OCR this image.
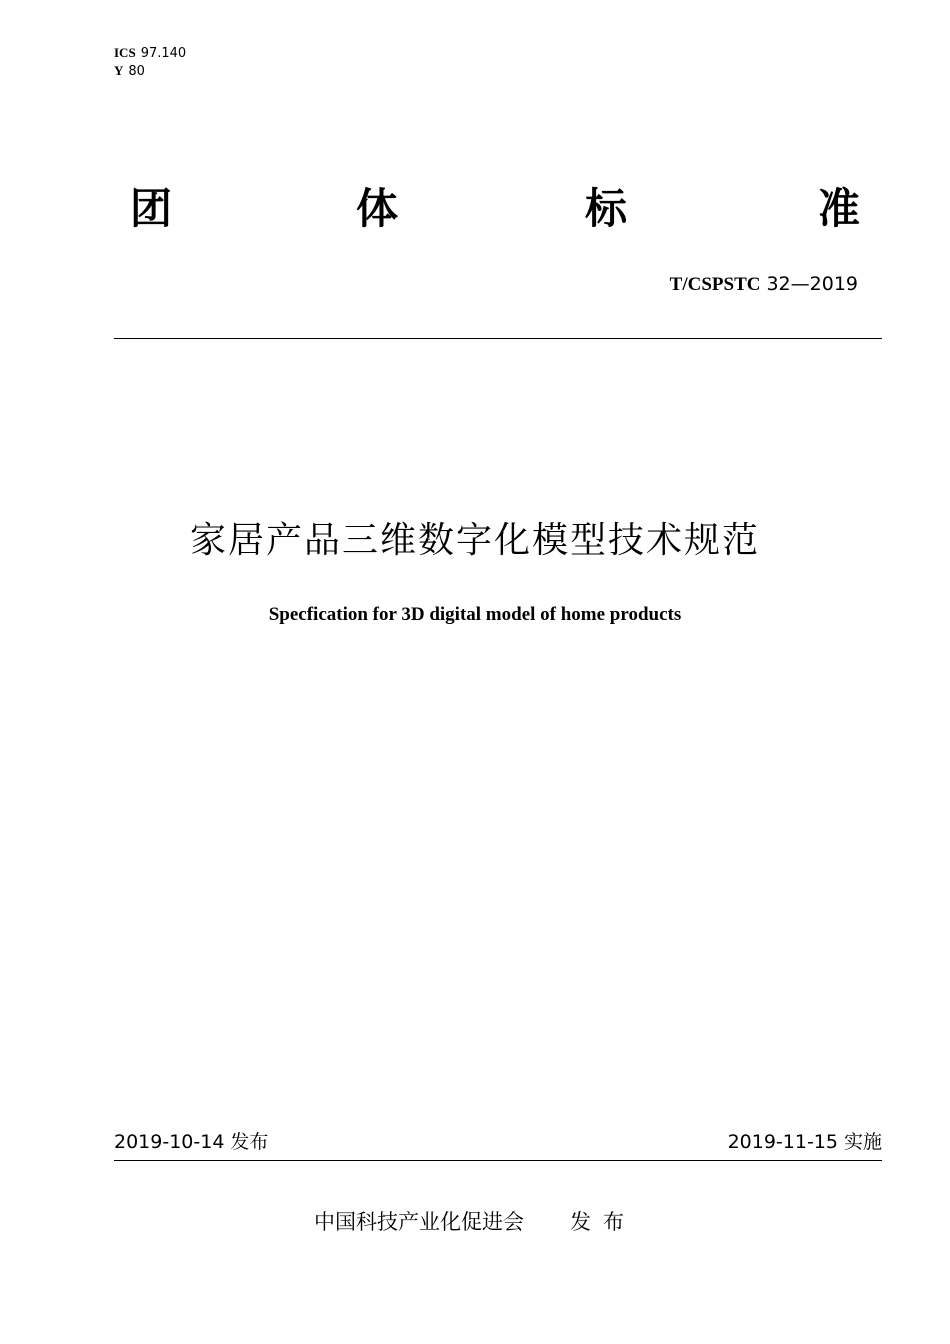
ICS 97.140
Y 80
团	体	标	准
T/CSPSTC 32—2019
家居产品三维数字化模型技术规范
Specfication for 3D digital model of home products
2019-10-14 发布	2019-11-15 实施
中国科技产业化促进会 发布
